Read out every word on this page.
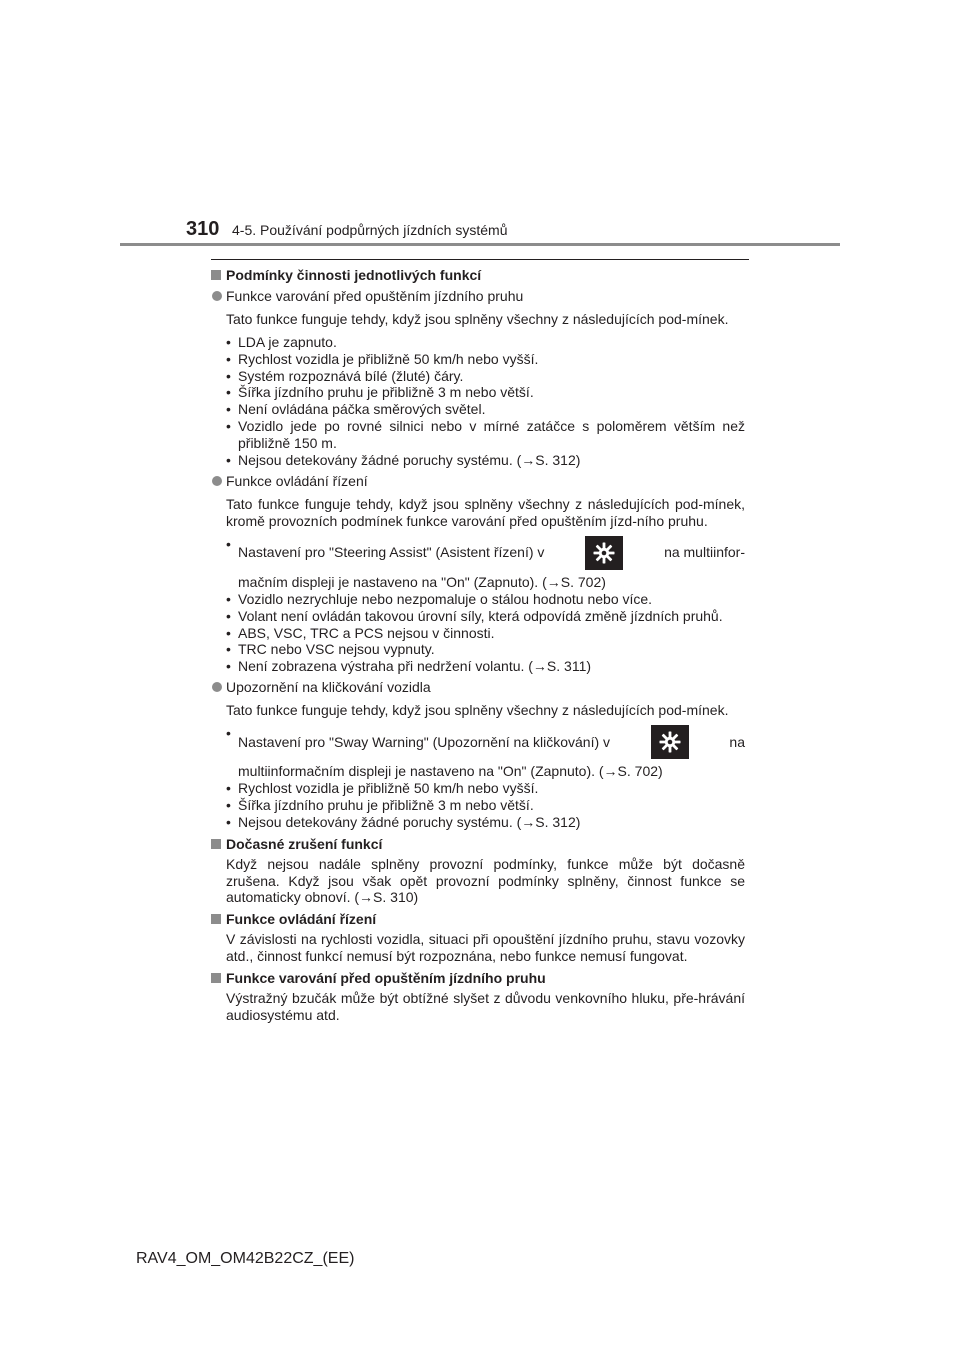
310 4-5. Používání podpůrných jízdních systémů
Podmínky činnosti jednotlivých funkcí
Funkce varování před opuštěním jízdního pruhu
Tato funkce funguje tehdy, když jsou splněny všechny z následujících pod-mínek.
• LDA je zapnuto.
• Rychlost vozidla je přibližně 50 km/h nebo vyšší.
• Systém rozpoznává bílé (žluté) čáry.
• Šířka jízdního pruhu je přibližně 3 m nebo větší.
• Není ovládána páčka směrových světel.
• Vozidlo jede po rovné silnici nebo v mírné zatáčce s poloměrem větším než přibližně 150 m.
• Nejsou detekovány žádné poruchy systému. (→S. 312)
Funkce ovládání řízení
Tato funkce funguje tehdy, když jsou splněny všechny z následujících pod-mínek, kromě provozních podmínek funkce varování před opuštěním jízd-ního pruhu.
•
Nastavení pro "Steering Assist" (Asistent řízení) v	na multiinfor-
mačním displeji je nastaveno na "On" (Zapnuto). (→S. 702)
• Vozidlo nezrychluje nebo nezpomaluje o stálou hodnotu nebo více.
• Volant není ovládán takovou úrovní síly, která odpovídá změně jízdních pruhů.
• ABS, VSC, TRC a PCS nejsou v činnosti.
• TRC nebo VSC nejsou vypnuty.
• Není zobrazena výstraha při nedržení volantu. (→S. 311)
Upozornění na kličkování vozidla
Tato funkce funguje tehdy, když jsou splněny všechny z následujících pod-mínek.
•
Nastavení pro "Sway Warning" (Upozornění na kličkování) v	na
multiinformačním displeji je nastaveno na "On" (Zapnuto). (→S. 702)
• Rychlost vozidla je přibližně 50 km/h nebo vyšší.
• Šířka jízdního pruhu je přibližně 3 m nebo větší.
• Nejsou detekovány žádné poruchy systému. (→S. 312)
Dočasné zrušení funkcí
Když nejsou nadále splněny provozní podmínky, funkce může být dočasně zrušena. Když jsou však opět provozní podmínky splněny, činnost funkce se automaticky obnoví. (→S. 310)
Funkce ovládání řízení
V závislosti na rychlosti vozidla, situaci při opouštění jízdního pruhu, stavu vozovky atd., činnost funkcí nemusí být rozpoznána, nebo funkce nemusí fungovat.
Funkce varování před opuštěním jízdního pruhu
Výstražný bzučák může být obtížné slyšet z důvodu venkovního hluku, pře-hrávání audiosystému atd.
RAV4_OM_OM42B22CZ_(EE)
